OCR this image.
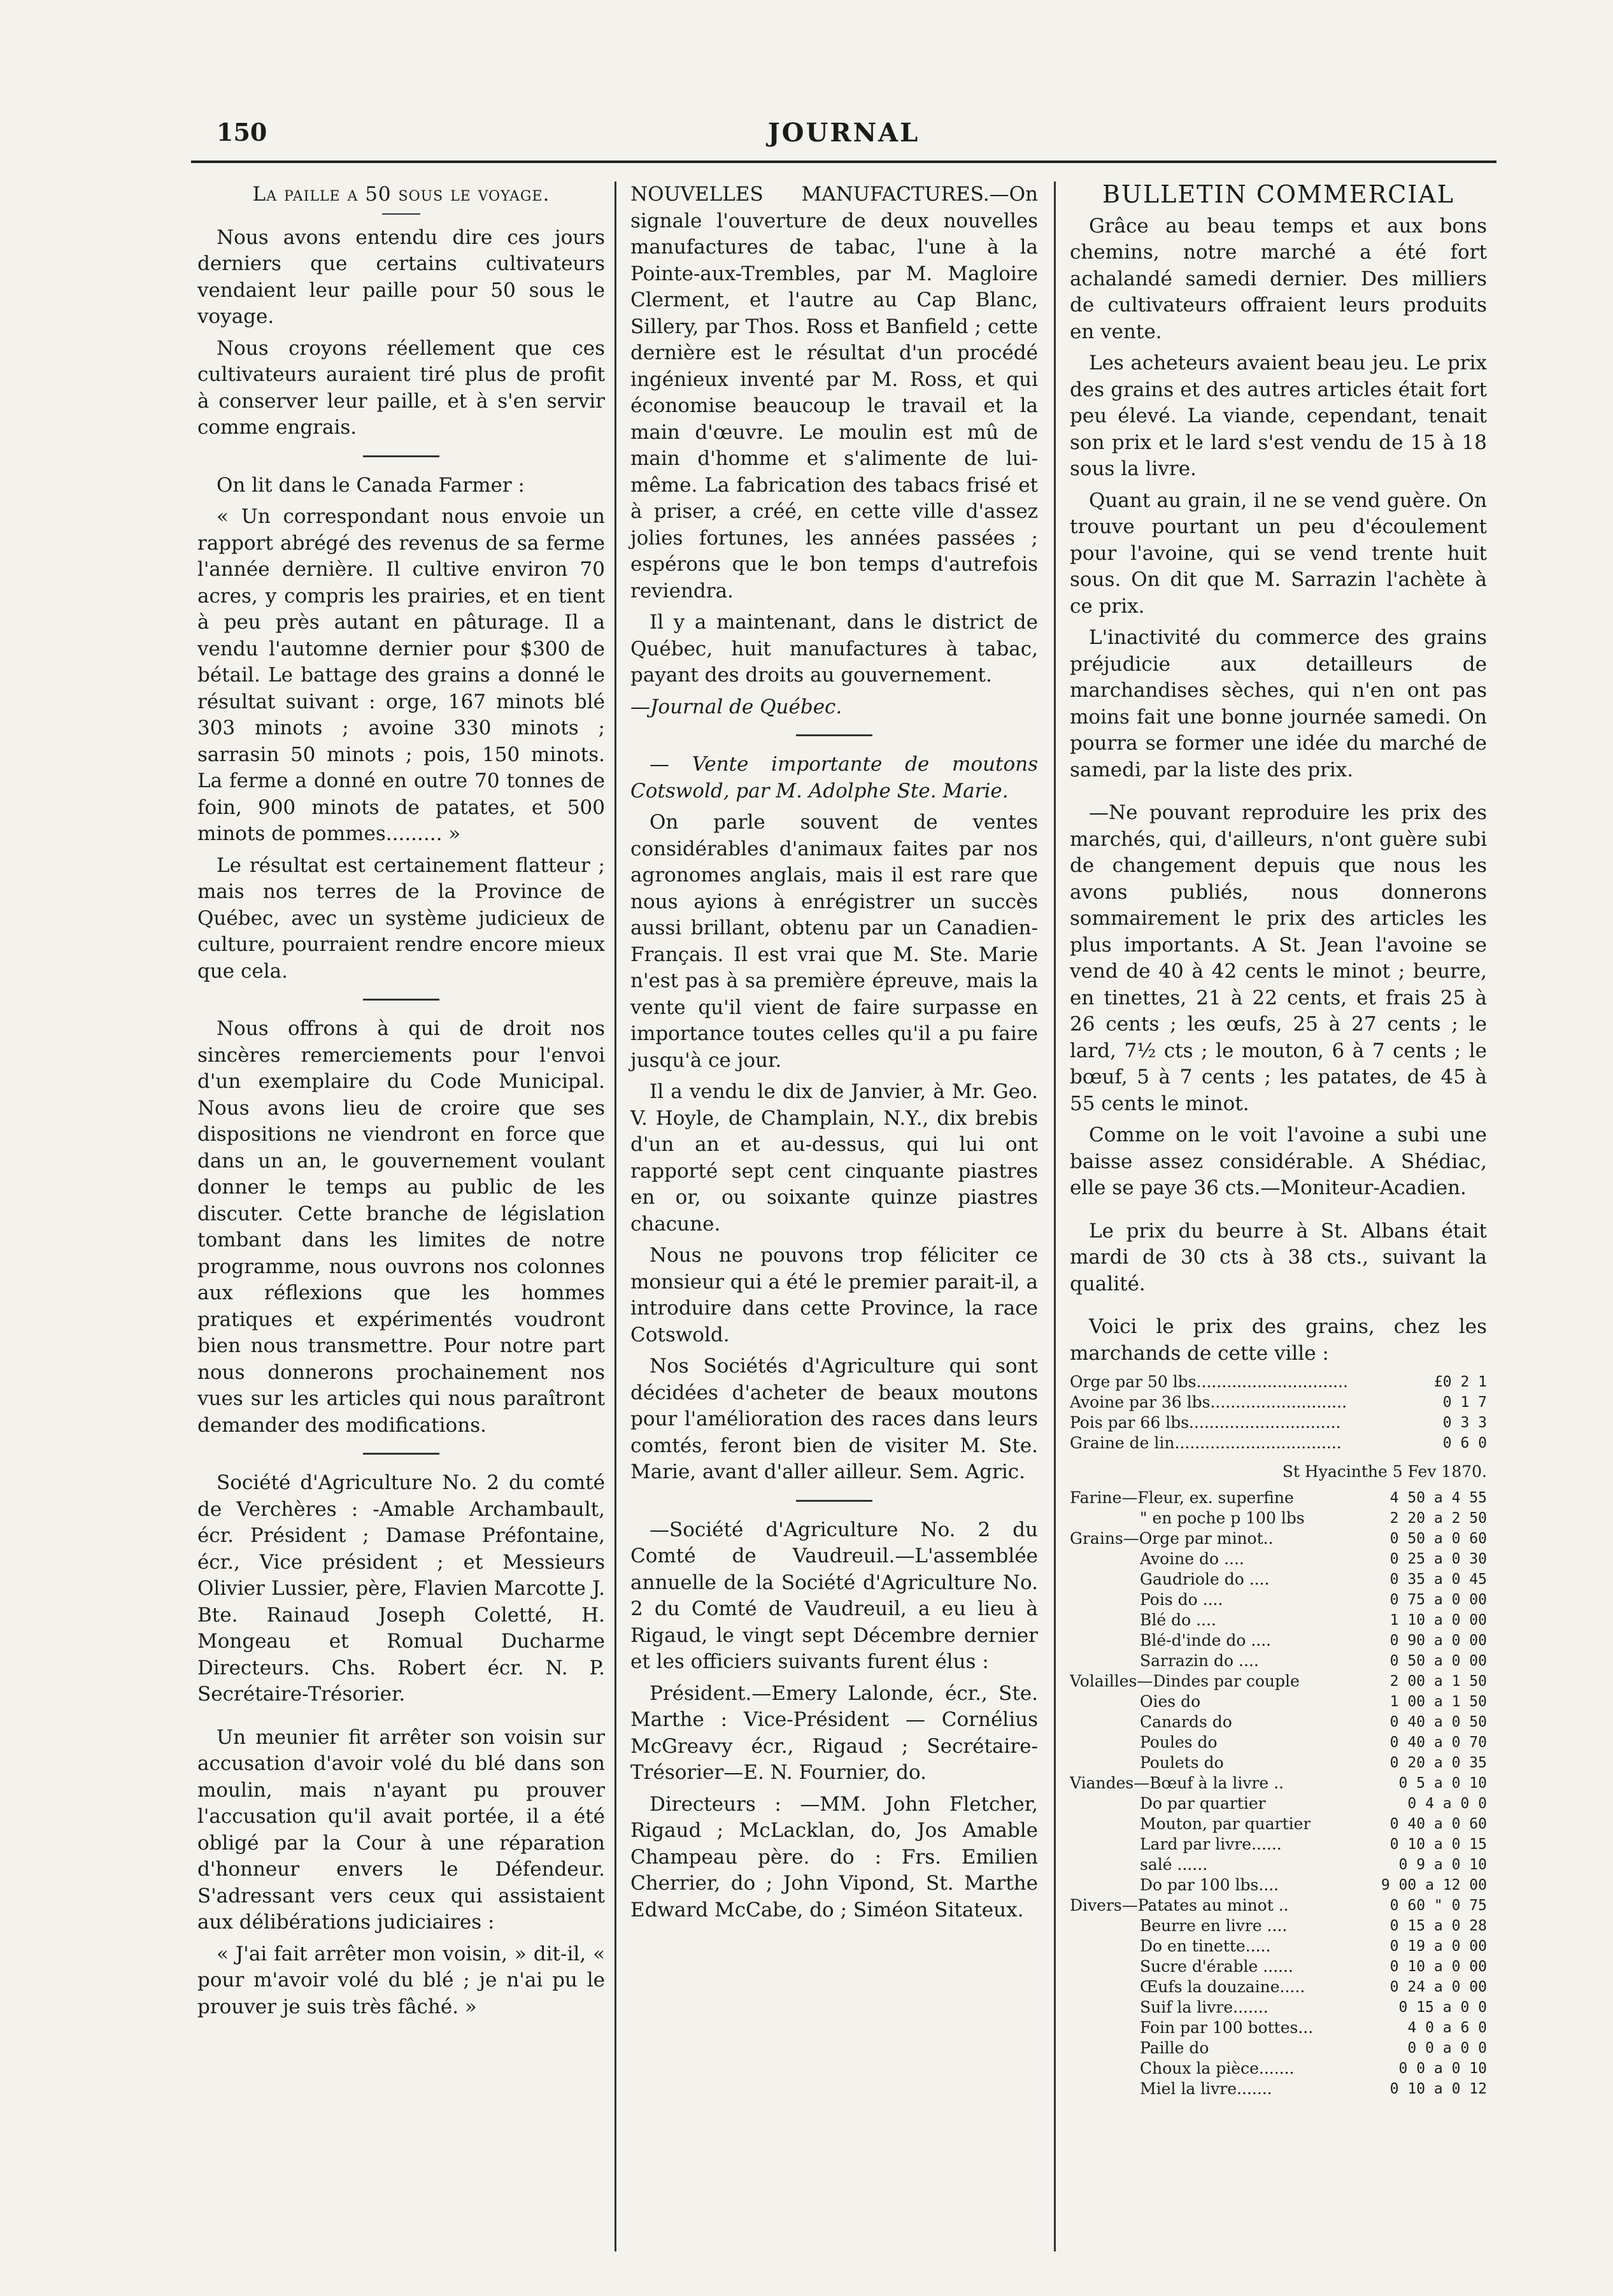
150	JOURNAL
La paille a 50 sous le voyage.

Nous avons entendu dire ces jours derniers que certains cultivateurs vendaient leur paille pour 50 sous le voyage.

Nous croyons réellement que ces cultivateurs auraient tiré plus de profit à conserver leur paille, et à s'en servir comme engrais.

On lit dans le Canada Farmer :

« Un correspondant nous envoie un rapport abrégé des revenus de sa ferme l'année dernière. Il cultive environ 70 acres, y compris les prairies, et en tient à peu près autant en pâturage. Il a vendu l'automne dernier pour $300 de bétail. Le battage des grains a donné le résultat suivant : orge, 167 minots blé 303 minots ; avoine 330 minots ; sarrasin 50 minots ; pois, 150 minots. La ferme a donné en outre 70 tonnes de foin, 900 minots de patates, et 500 minots de pommes......... »

Le résultat est certainement flatteur ; mais nos terres de la Province de Québec, avec un système judicieux de culture, pourraient rendre encore mieux que cela.

Nous offrons à qui de droit nos sincères remerciements pour l'envoi d'un exemplaire du Code Municipal. Nous avons lieu de croire que ses dispositions ne viendront en force que dans un an, le gouvernement voulant donner le temps au public de les discuter. Cette branche de législation tombant dans les limites de notre programme, nous ouvrons nos colonnes aux réflexions que les hommes pratiques et expérimentés voudront bien nous transmettre. Pour notre part nous donnerons prochainement nos vues sur les articles qui nous paraîtront demander des modifications.

Société d'Agriculture No. 2 du comté de Verchères : -Amable Archambault, écr. Président ; Damase Préfontaine, écr., Vice président ; et Messieurs Olivier Lussier, père, Flavien Marcotte J. Bte. Rainaud Joseph Coletté, H. Mongeau et Romual Ducharme Directeurs. Chs. Robert écr. N. P. Secrétaire-Trésorier.

Un meunier fit arrêter son voisin sur accusation d'avoir volé du blé dans son moulin, mais n'ayant pu prouver l'accusation qu'il avait portée, il a été obligé par la Cour à une réparation d'honneur envers le Défendeur. S'adressant vers ceux qui assistaient aux délibérations judiciaires :

« J'ai fait arrêter mon voisin, » dit-il, « pour m'avoir volé du blé ; je n'ai pu le prouver je suis très fâché. »

NOUVELLES MANUFACTURES.—On signale l'ouverture de deux nouvelles manufactures de tabac, l'une à la Pointe-aux-Trembles, par M. Magloire Clerment, et l'autre au Cap Blanc, Sillery, par Thos. Ross et Banfield ; cette dernière est le résultat d'un procédé ingénieux inventé par M. Ross, et qui économise beaucoup le travail et la main d'œuvre. Le moulin est mû de main d'homme et s'alimente de lui-même. La fabrication des tabacs frisé et à priser, a créé, en cette ville d'assez jolies fortunes, les années passées ; espérons que le bon temps d'autrefois reviendra.

Il y a maintenant, dans le district de Québec, huit manufactures à tabac, payant des droits au gouvernement.

—Journal de Québec.

— Vente importante de moutons Cotswold, par M. Adolphe Ste. Marie.

On parle souvent de ventes considérables d'animaux faites par nos agronomes anglais, mais il est rare que nous ayions à enrégistrer un succès aussi brillant, obtenu par un Canadien-Français. Il est vrai que M. Ste. Marie n'est pas à sa première épreuve, mais la vente qu'il vient de faire surpasse en importance toutes celles qu'il a pu faire jusqu'à ce jour.

Il a vendu le dix de Janvier, à Mr. Geo. V. Hoyle, de Champlain, N.Y., dix brebis d'un an et au-dessus, qui lui ont rapporté sept cent cinquante piastres en or, ou soixante quinze piastres chacune.

Nous ne pouvons trop féliciter ce monsieur qui a été le premier parait-il, a introduire dans cette Province, la race Cotswold.

Nos Sociétés d'Agriculture qui sont décidées d'acheter de beaux moutons pour l'amélioration des races dans leurs comtés, feront bien de visiter M. Ste. Marie, avant d'aller ailleur. Sem. Agric.

—Société d'Agriculture No. 2 du Comté de Vaudreuil.—L'assemblée annuelle de la Société d'Agriculture No. 2 du Comté de Vaudreuil, a eu lieu à Rigaud, le vingt sept Décembre dernier et les officiers suivants furent élus :

Président.—Emery Lalonde, écr., Ste. Marthe : Vice-Président — Cornélius McGreavy écr., Rigaud ; Secrétaire-Trésorier—E. N. Fournier, do.

Directeurs : —MM. John Fletcher, Rigaud ; McLacklan, do, Jos Amable Champeau père. do : Frs. Emilien Cherrier, do ; John Vipond, St. Marthe Edward McCabe, do ; Siméon Sitateux.

BULLETIN COMMERCIAL

Grâce au beau temps et aux bons chemins, notre marché a été fort achalandé samedi dernier. Des milliers de cultivateurs offraient leurs produits en vente.

Les acheteurs avaient beau jeu. Le prix des grains et des autres articles était fort peu élevé. La viande, cependant, tenait son prix et le lard s'est vendu de 15 à 18 sous la livre.

Quant au grain, il ne se vend guère. On trouve pourtant un peu d'écoulement pour l'avoine, qui se vend trente huit sous. On dit que M. Sarrazin l'achète à ce prix.

L'inactivité du commerce des grains préjudicie aux detailleurs de marchandises sèches, qui n'en ont pas moins fait une bonne journée samedi. On pourra se former une idée du marché de samedi, par la liste des prix.

—Ne pouvant reproduire les prix des marchés, qui, d'ailleurs, n'ont guère subi de changement depuis que nous les avons publiés, nous donnerons sommairement le prix des articles les plus importants. A St. Jean l'avoine se vend de 40 à 42 cents le minot ; beurre, en tinettes, 21 à 22 cents, et frais 25 à 26 cents ; les œufs, 25 à 27 cents ; le lard, 7½ cts ; le mouton, 6 à 7 cents ; le bœuf, 5 à 7 cents ; les patates, de 45 à 55 cents le minot.

Comme on le voit l'avoine a subi une baisse assez considérable. A Shédiac, elle se paye 36 cts.—Moniteur-Acadien.

Le prix du beurre à St. Albans était mardi de 30 cts à 38 cts., suivant la qualité.

Voici le prix des grains, chez les marchands de cette ville :

Orge par 50 lbs..............................	£0 2 1
Avoine par 36 lbs...........................	0 1 7
Pois par 66 lbs..............................	0 3 3
Graine de lin.................................	0 6 0
St Hyacinthe 5 Fev 1870.
Farine—Fleur, ex. superfine	4 50 a 4 55
" en poche p 100 lbs	2 20 a 2 50
Grains—Orge par minot..	0 50 a 0 60
Avoine do ....	0 25 a 0 30
Gaudriole do ....	0 35 a 0 45
Pois do ....	0 75 a 0 00
Blé do ....	1 10 a 0 00
Blé-d'inde do ....	0 90 a 0 00
Sarrazin do ....	0 50 a 0 00
Volailles—Dindes par couple	2 00 a 1 50
Oies do	1 00 a 1 50
Canards do	0 40 a 0 50
Poules do	0 40 a 0 70
Poulets do	0 20 a 0 35
Viandes—Bœuf à la livre ..	0 5 a 0 10
Do par quartier	0 4 a 0 0
Mouton, par quartier	0 40 a 0 60
Lard par livre......	0 10 a 0 15
salé ......	0 9 a 0 10
Do par 100 lbs....	9 00 a 12 00
Divers—Patates au minot ..	0 60 " 0 75
Beurre en livre ....	0 15 a 0 28
Do en tinette.....	0 19 a 0 00
Sucre d'érable ......	0 10 a 0 00
Œufs la douzaine.....	0 24 a 0 00
Suif la livre.......	0 15 a 0 0
Foin par 100 bottes...	4 0 a 6 0
Paille do	0 0 a 0 0
Choux la pièce.......	0 0 a 0 10
Miel la livre.......	0 10 a 0 12
